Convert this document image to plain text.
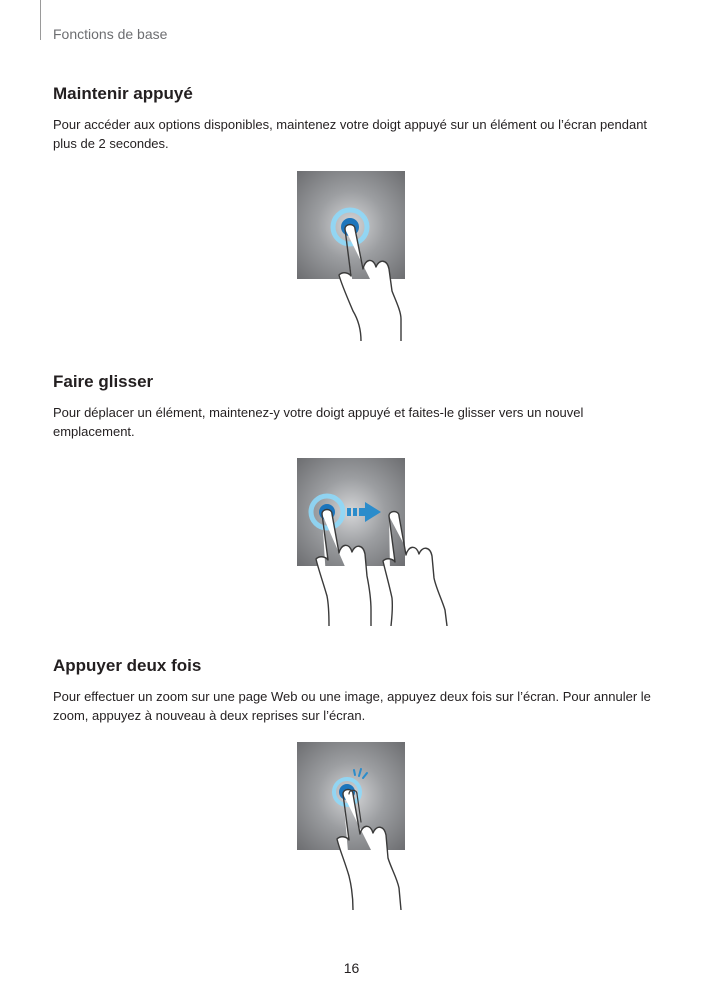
Fonctions de base
Maintenir appuyé
Pour accéder aux options disponibles, maintenez votre doigt appuyé sur un élément ou l’écran pendant plus de 2 secondes.
Faire glisser
Pour déplacer un élément, maintenez-y votre doigt appuyé et faites-le glisser vers un nouvel emplacement.
Appuyer deux fois
Pour effectuer un zoom sur une page Web ou une image, appuyez deux fois sur l’écran. Pour annuler le zoom, appuyez à nouveau à deux reprises sur l’écran.
16
